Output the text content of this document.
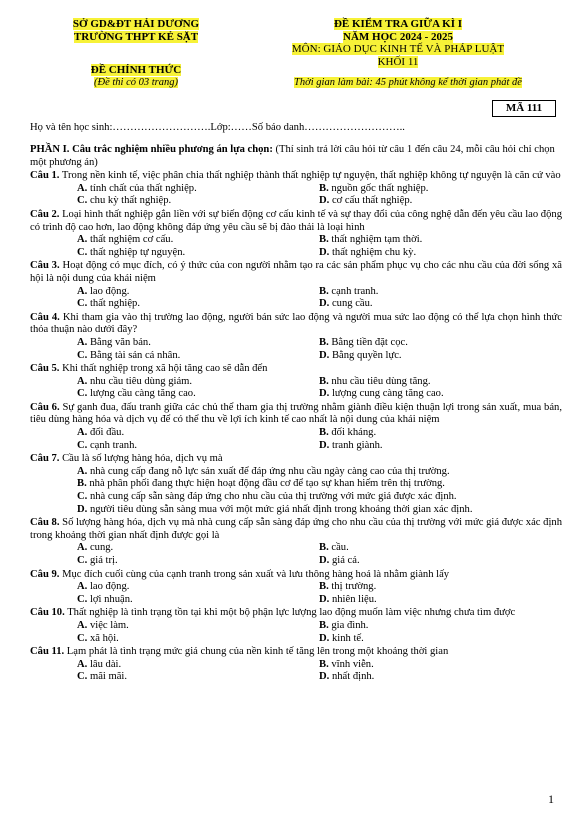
SỞ GD&ĐT HẢI DƯƠNG
TRƯỜNG THPT KẺ SẶT
ĐỀ CHÍNH THỨC
(Đề thi có 03 trang)
ĐỀ KIỂM TRA GIỮA KÌ I
NĂM HỌC 2024 - 2025
MÔN: GIÁO DỤC KINH TẾ VÀ PHÁP LUẬT
KHỐI 11
Thời gian làm bài: 45 phút không kể thời gian phát đề
MÃ 111
Họ và tên học sinh:……………………….Lớp:……Số báo danh………………………..

PHẦN I. Câu trắc nghiệm nhiều phương án lựa chọn: (Thí sinh trả lời câu hỏi từ câu 1 đến câu 24, mỗi câu hỏi chỉ chọn một phương án)

Câu 1. Trong nền kinh tế, việc phân chia thất nghiệp thành thất nghiệp tự nguyện, thất nghiệp không tự nguyện là căn cứ vào

A. tính chất của thất nghiệp.	B. nguồn gốc thất nghiệp.
C. chu kỳ thất nghiệp.	D. cơ cấu thất nghiệp.

Câu 2. Loại hình thất nghiệp gắn liền với sự biến động cơ cấu kinh tế và sự thay đổi của công nghệ dẫn đến yêu cầu lao động có trình độ cao hơn, lao động không đáp ứng yêu cầu sẽ bị đào thải là loại hình

A. thất nghiệm cơ cấu.	B. thất nghiệm tạm thời.
C. thất nghiệp tự nguyện.	D. thất nghiệm chu kỳ.

Câu 3. Hoạt động có mục đích, có ý thức của con người nhằm tạo ra các sản phẩm phục vụ cho các nhu cầu của đời sống xã hội là nội dung của khái niệm

A. lao động.	B. cạnh tranh.
C. thất nghiệp.	D. cung cầu.

Câu 4. Khi tham gia vào thị trường lao động, người bán sức lao động và người mua sức lao động có thể lựa chọn hình thức thỏa thuận nào dưới đây?

A. Bằng văn bản.	B. Bằng tiền đặt cọc.
C. Bằng tài sản cá nhân.	D. Bằng quyền lực.

Câu 5. Khi thất nghiệp trong xã hội tăng cao sẽ dẫn đến

A. nhu cầu tiêu dùng giảm.	B. nhu cầu tiêu dùng tăng.
C. lượng cầu càng tăng cao.	D. lượng cung càng tăng cao.

Câu 6. Sự ganh đua, đấu tranh giữa các chủ thể tham gia thị trường nhằm giành điều kiện thuận lợi trong sản xuất, mua bán, tiêu dùng hàng hóa và dịch vụ để có thể thu về lợi ích kinh tế cao nhất là nội dung của khái niệm

A. đối đầu.	B. đối kháng.
C. cạnh tranh.	D. tranh giành.

Câu 7. Cầu là số lượng hàng hóa, dịch vụ mà

A. nhà cung cấp đang nỗ lực sản xuất để đáp ứng nhu cầu ngày càng cao của thị trường.
B. nhà phân phối đang thực hiện hoạt động đầu cơ để tạo sự khan hiếm trên thị trường.
C. nhà cung cấp sẵn sàng đáp ứng cho nhu cầu của thị trường với mức giá được xác định.
D. người tiêu dùng sẵn sàng mua với một mức giá nhất định trong khoảng thời gian xác định.

Câu 8. Số lượng hàng hóa, dịch vụ mà nhà cung cấp sẵn sàng đáp ứng cho nhu cầu của thị trường với mức giá được xác định trong khoảng thời gian nhất định được gọi là

A. cung.	B. cầu.
C. giá trị.	D. giá cả.

Câu 9. Mục đích cuối cùng của cạnh tranh trong sản xuất và lưu thông hàng hoá là nhằm giành lấy

A. lao động.	B. thị trường.
C. lợi nhuận.	D. nhiên liệu.

Câu 10. Thất nghiệp là tình trạng tồn tại khi một bộ phận lực lượng lao động muốn làm việc nhưng chưa tìm được

A. việc làm.	B. gia đình.
C. xã hội.	D. kinh tế.

Câu 11. Lạm phát là tình trạng mức giá chung của nền kinh tế tăng lên trong một khoảng thời gian

A. lâu dài.	B. vĩnh viễn.
C. mãi mãi.	D. nhất định.
1
